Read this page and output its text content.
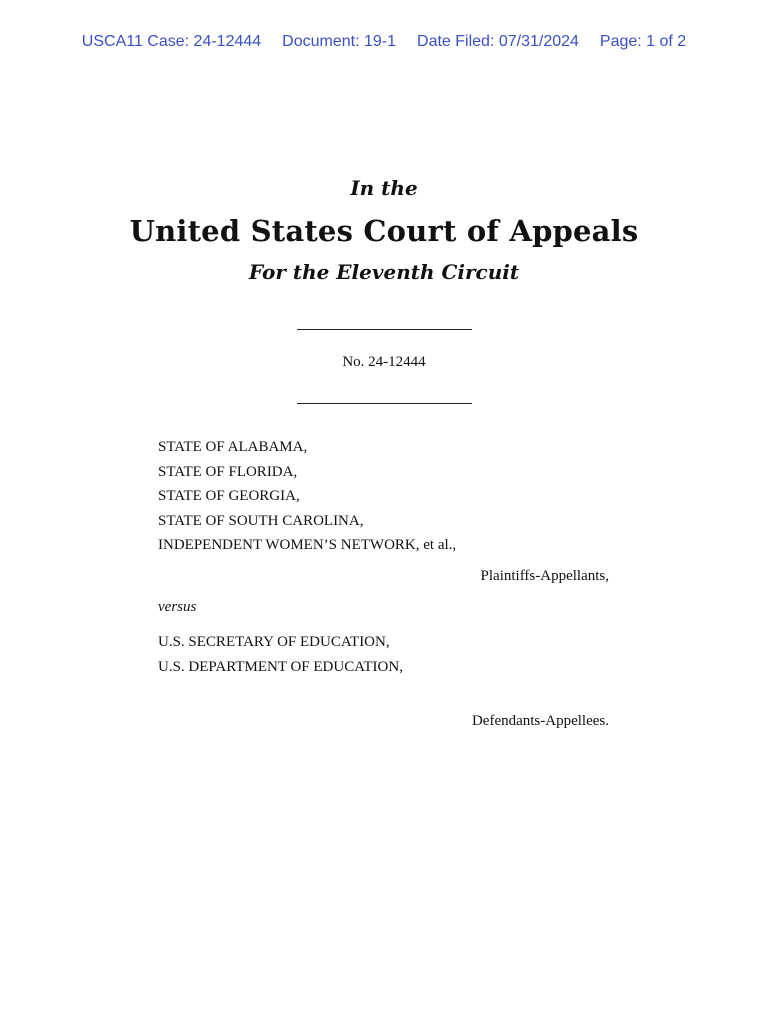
USCA11 Case: 24-12444 Document: 19-1 Date Filed: 07/31/2024 Page: 1 of 2
In the
United States Court of Appeals
For the Eleventh Circuit
No. 24-12444
STATE OF ALABAMA,
STATE OF FLORIDA,
STATE OF GEORGIA,
STATE OF SOUTH CAROLINA,
INDEPENDENT WOMEN’S NETWORK, et al.,
Plaintiffs-Appellants,
versus
U.S. SECRETARY OF EDUCATION,
U.S. DEPARTMENT OF EDUCATION,
Defendants-Appellees.
